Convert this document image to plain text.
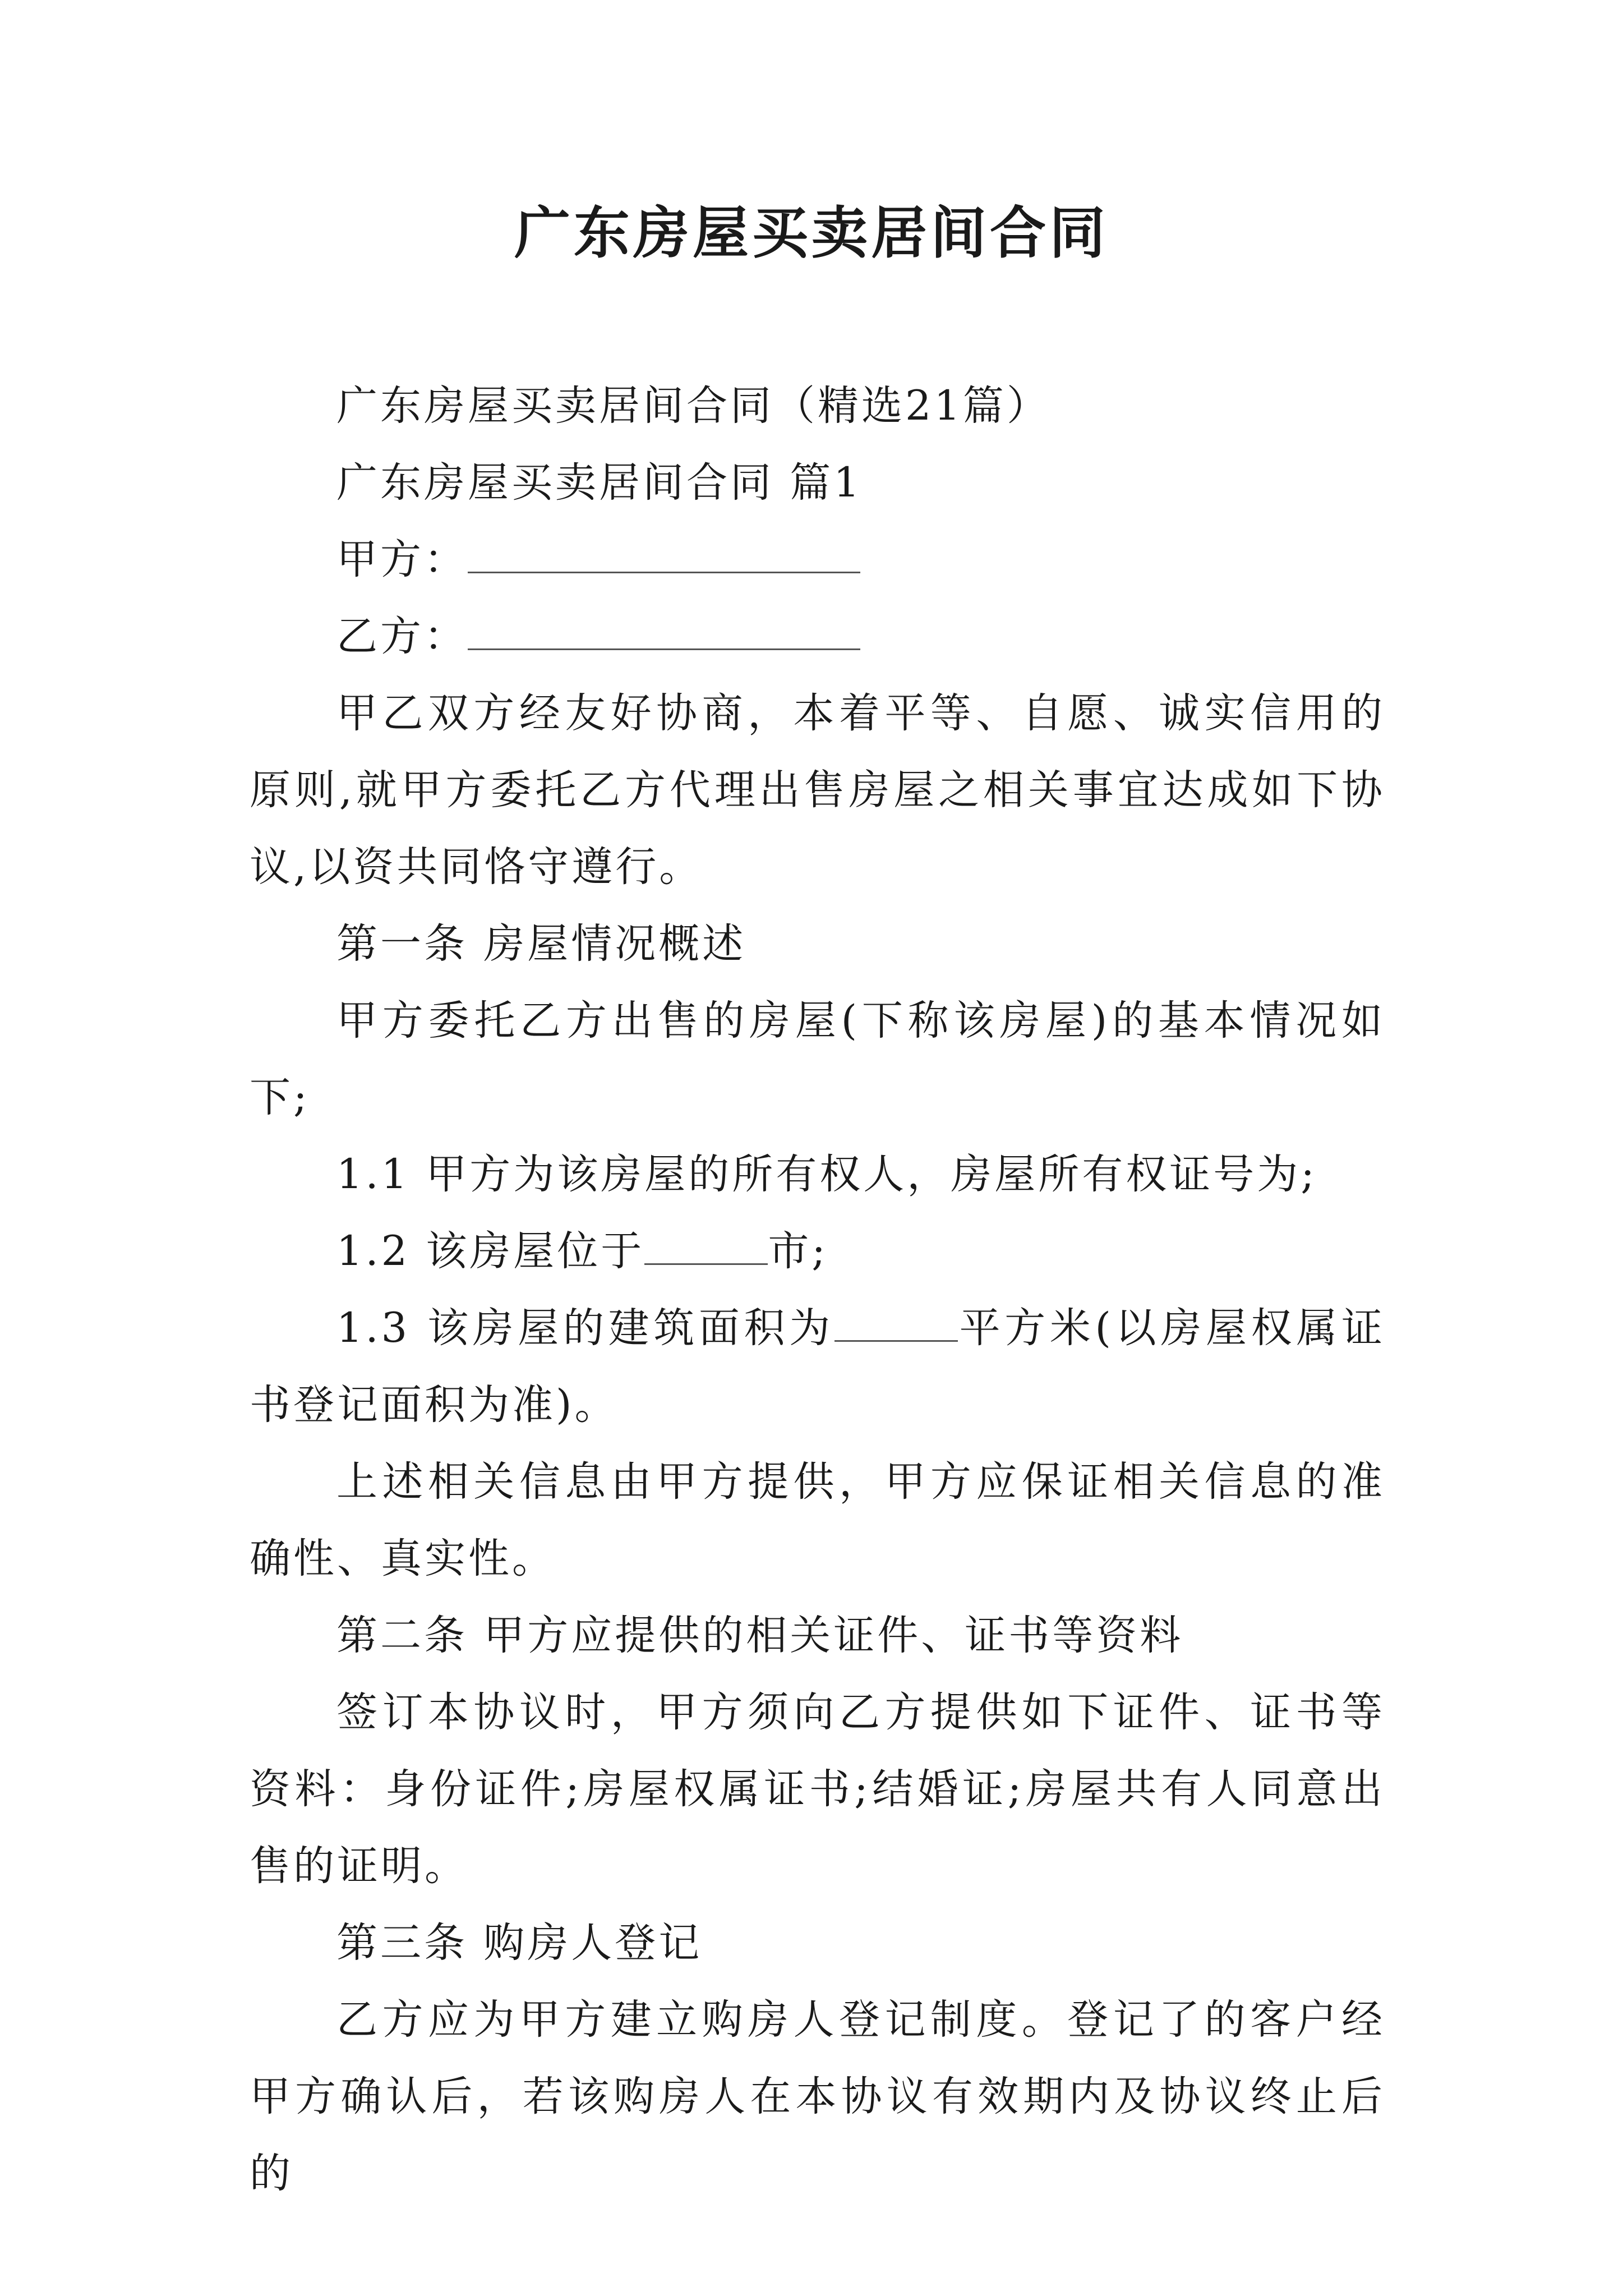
广东房屋买卖居间合同

广东房屋买卖居间合同（精选21篇）

广东房屋买卖居间合同 篇1

甲方：

乙方：

甲乙双方经友好协商，本着平等、自愿、诚实信用的原则,就甲方委托乙方代理出售房屋之相关事宜达成如下协议,以资共同恪守遵行。

第一条 房屋情况概述

甲方委托乙方出售的房屋(下称该房屋)的基本情况如下;

1.1 甲方为该房屋的所有权人，房屋所有权证号为;

1.2 该房屋位于	市;

1.3 该房屋的建筑面积为	平方米(以房屋权属证书登记面积为准)。

上述相关信息由甲方提供，甲方应保证相关信息的准确性、真实性。

第二条 甲方应提供的相关证件、证书等资料

签订本协议时，甲方须向乙方提供如下证件、证书等资料：身份证件;房屋权属证书;结婚证;房屋共有人同意出售的证明。

第三条 购房人登记

乙方应为甲方建立购房人登记制度。登记了的客户经甲方确认后，若该购房人在本协议有效期内及协议终止后的
